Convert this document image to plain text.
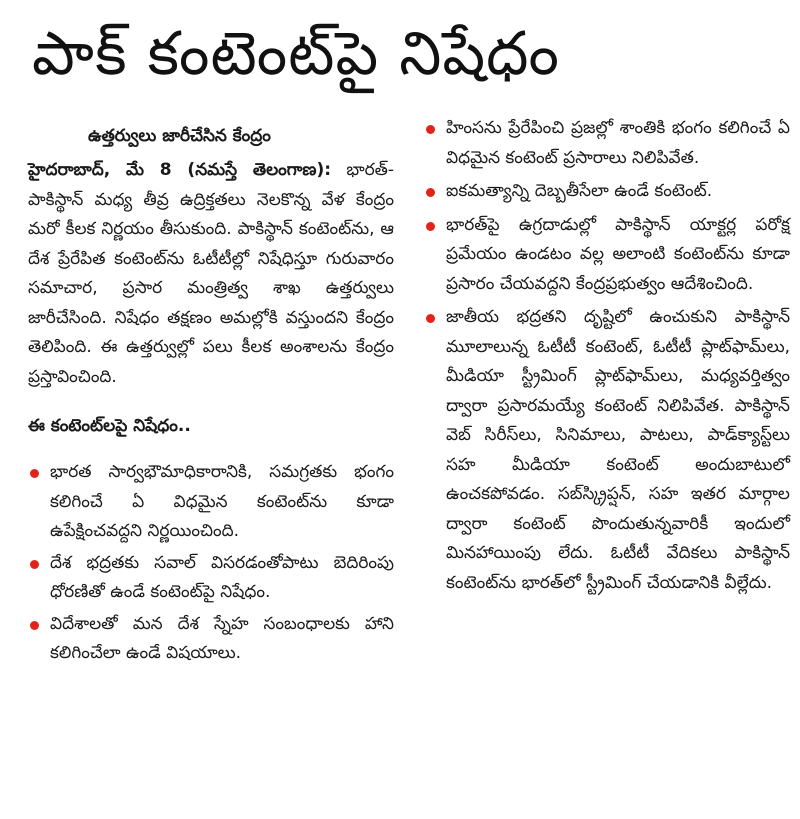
పాక్ కంటెంట్‌పై నిషేధం
ఉత్తర్వులు జారీచేసిన కేంద్రం

హైదరాబాద్, మే 8 (నమస్తే తెలంగాణ): భారత్-పాకిస్థాన్ మధ్య తీవ్ర ఉద్రిక్తతలు నెలకొన్న వేళ కేంద్రం మరో కీలక నిర్ణయం తీసుకుంది. పాకిస్థాన్ కంటెంట్‌ను, ఆ దేశ ప్రేరేపిత కంటెంట్‌ను ఓటీటీల్లో నిషేధిస్తూ గురువారం సమాచార, ప్రసార మంత్రిత్వ శాఖ ఉత్తర్వులు జారీచేసింది. నిషేధం తక్షణం అమల్లోకి వస్తుందని కేంద్రం తెలిపింది. ఈ ఉత్తర్వుల్లో పలు కీలక అంశాలను కేంద్రం ప్రస్తావించింది.

ఈ కంటెంట్‌లపై నిషేధం..
భారత సార్వభౌమాధికారానికి, సమగ్రతకు భంగం కలిగించే ఏ విధమైన కంటెంట్‌ను కూడా ఉపేక్షించవద్దని నిర్ణయించింది.
దేశ భద్రతకు సవాల్ విసరడంతోపాటు బెదిరింపు ధోరణితో ఉండే కంటెంట్‌పై నిషేధం.
విదేశాలతో మన దేశ స్నేహ సంబంధాలకు హాని కలిగించేలా ఉండే విషయాలు.
హింసను ప్రేరేపించి ప్రజల్లో శాంతికి భంగం కలిగించే ఏ విధమైన కంటెంట్ ప్రసారాలు నిలిపివేత.
ఐకమత్యాన్ని దెబ్బతీసేలా ఉండే కంటెంట్.
భారత్‌పై ఉగ్రదాడుల్లో పాకిస్థాన్ యాక్టర్ల పరోక్ష ప్రమేయం ఉండటం వల్ల అలాంటి కంటెంట్‌ను కూడా ప్రసారం చేయవద్దని కేంద్రప్రభుత్వం ఆదేశించింది.
జాతీయ భద్రతని దృష్టిలో ఉంచుకుని పాకిస్థాన్ మూలాలున్న ఓటీటీ కంటెంట్, ఓటీటీ ప్లాట్‌ఫామ్‌లు, మీడియా స్ట్రీమింగ్ ప్లాట్‌ఫామ్‌లు, మధ్యవర్తిత్వం ద్వారా ప్రసారమయ్యే కంటెంట్ నిలిపివేత. పాకిస్థాన్ వెబ్ సిరీస్‌లు, సినిమాలు, పాటలు, పాడ్‌క్యాస్ట్‌లు సహ మీడియా కంటెంట్ అందుబాటులో ఉంచకపోవడం. సబ్‌స్క్రిప్షన్, సహ ఇతర మార్గాల ద్వారా కంటెంట్ పొందుతున్నవారికీ ఇందులో మినహాయింపు లేదు. ఓటీటీ వేదికలు పాకిస్థాన్ కంటెంట్‌ను భారత్‌లో స్ట్రీమింగ్ చేయడానికి వీల్లేదు.
